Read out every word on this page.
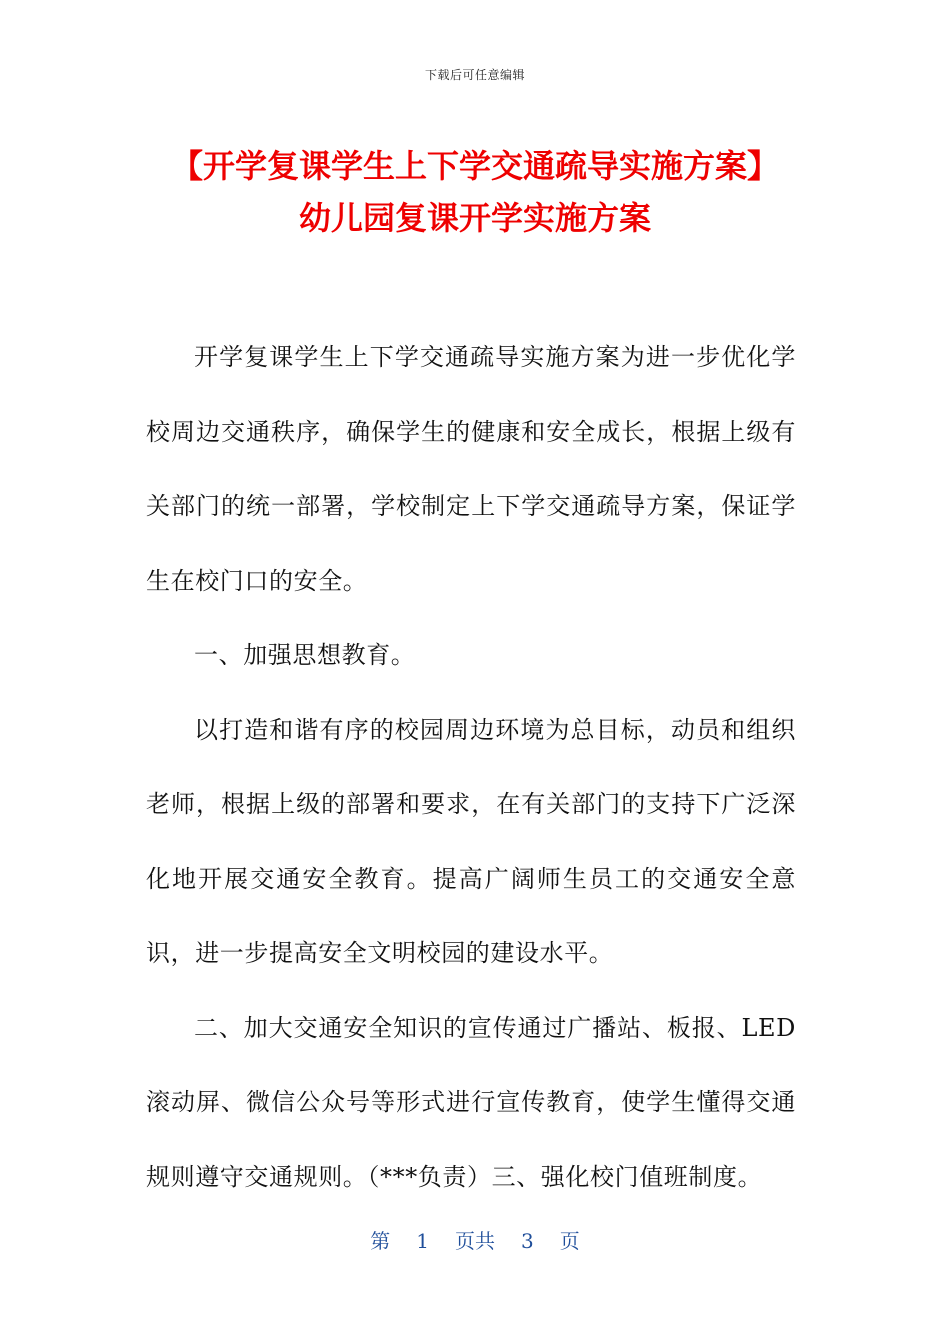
下载后可任意编辑
【开学复课学生上下学交通疏导实施方案】
幼儿园复课开学实施方案

开学复课学生上下学交通疏导实施方案为进一步优化学校周边交通秩序，确保学生的健康和安全成长，根据上级有关部门的统一部署，学校制定上下学交通疏导方案，保证学生在校门口的安全。

一、加强思想教育。

以打造和谐有序的校园周边环境为总目标，动员和组织老师，根据上级的部署和要求，在有关部门的支持下广泛深化地开展交通安全教育。提高广阔师生员工的交通安全意识，进一步提高安全文明校园的建设水平。

二、加大交通安全知识的宣传通过广播站、板报、LED滚动屏、微信公众号等形式进行宣传教育，使学生懂得交通规则遵守交通规则。（***负责）三、强化校门值班制度。

第 1 页共 3 页
